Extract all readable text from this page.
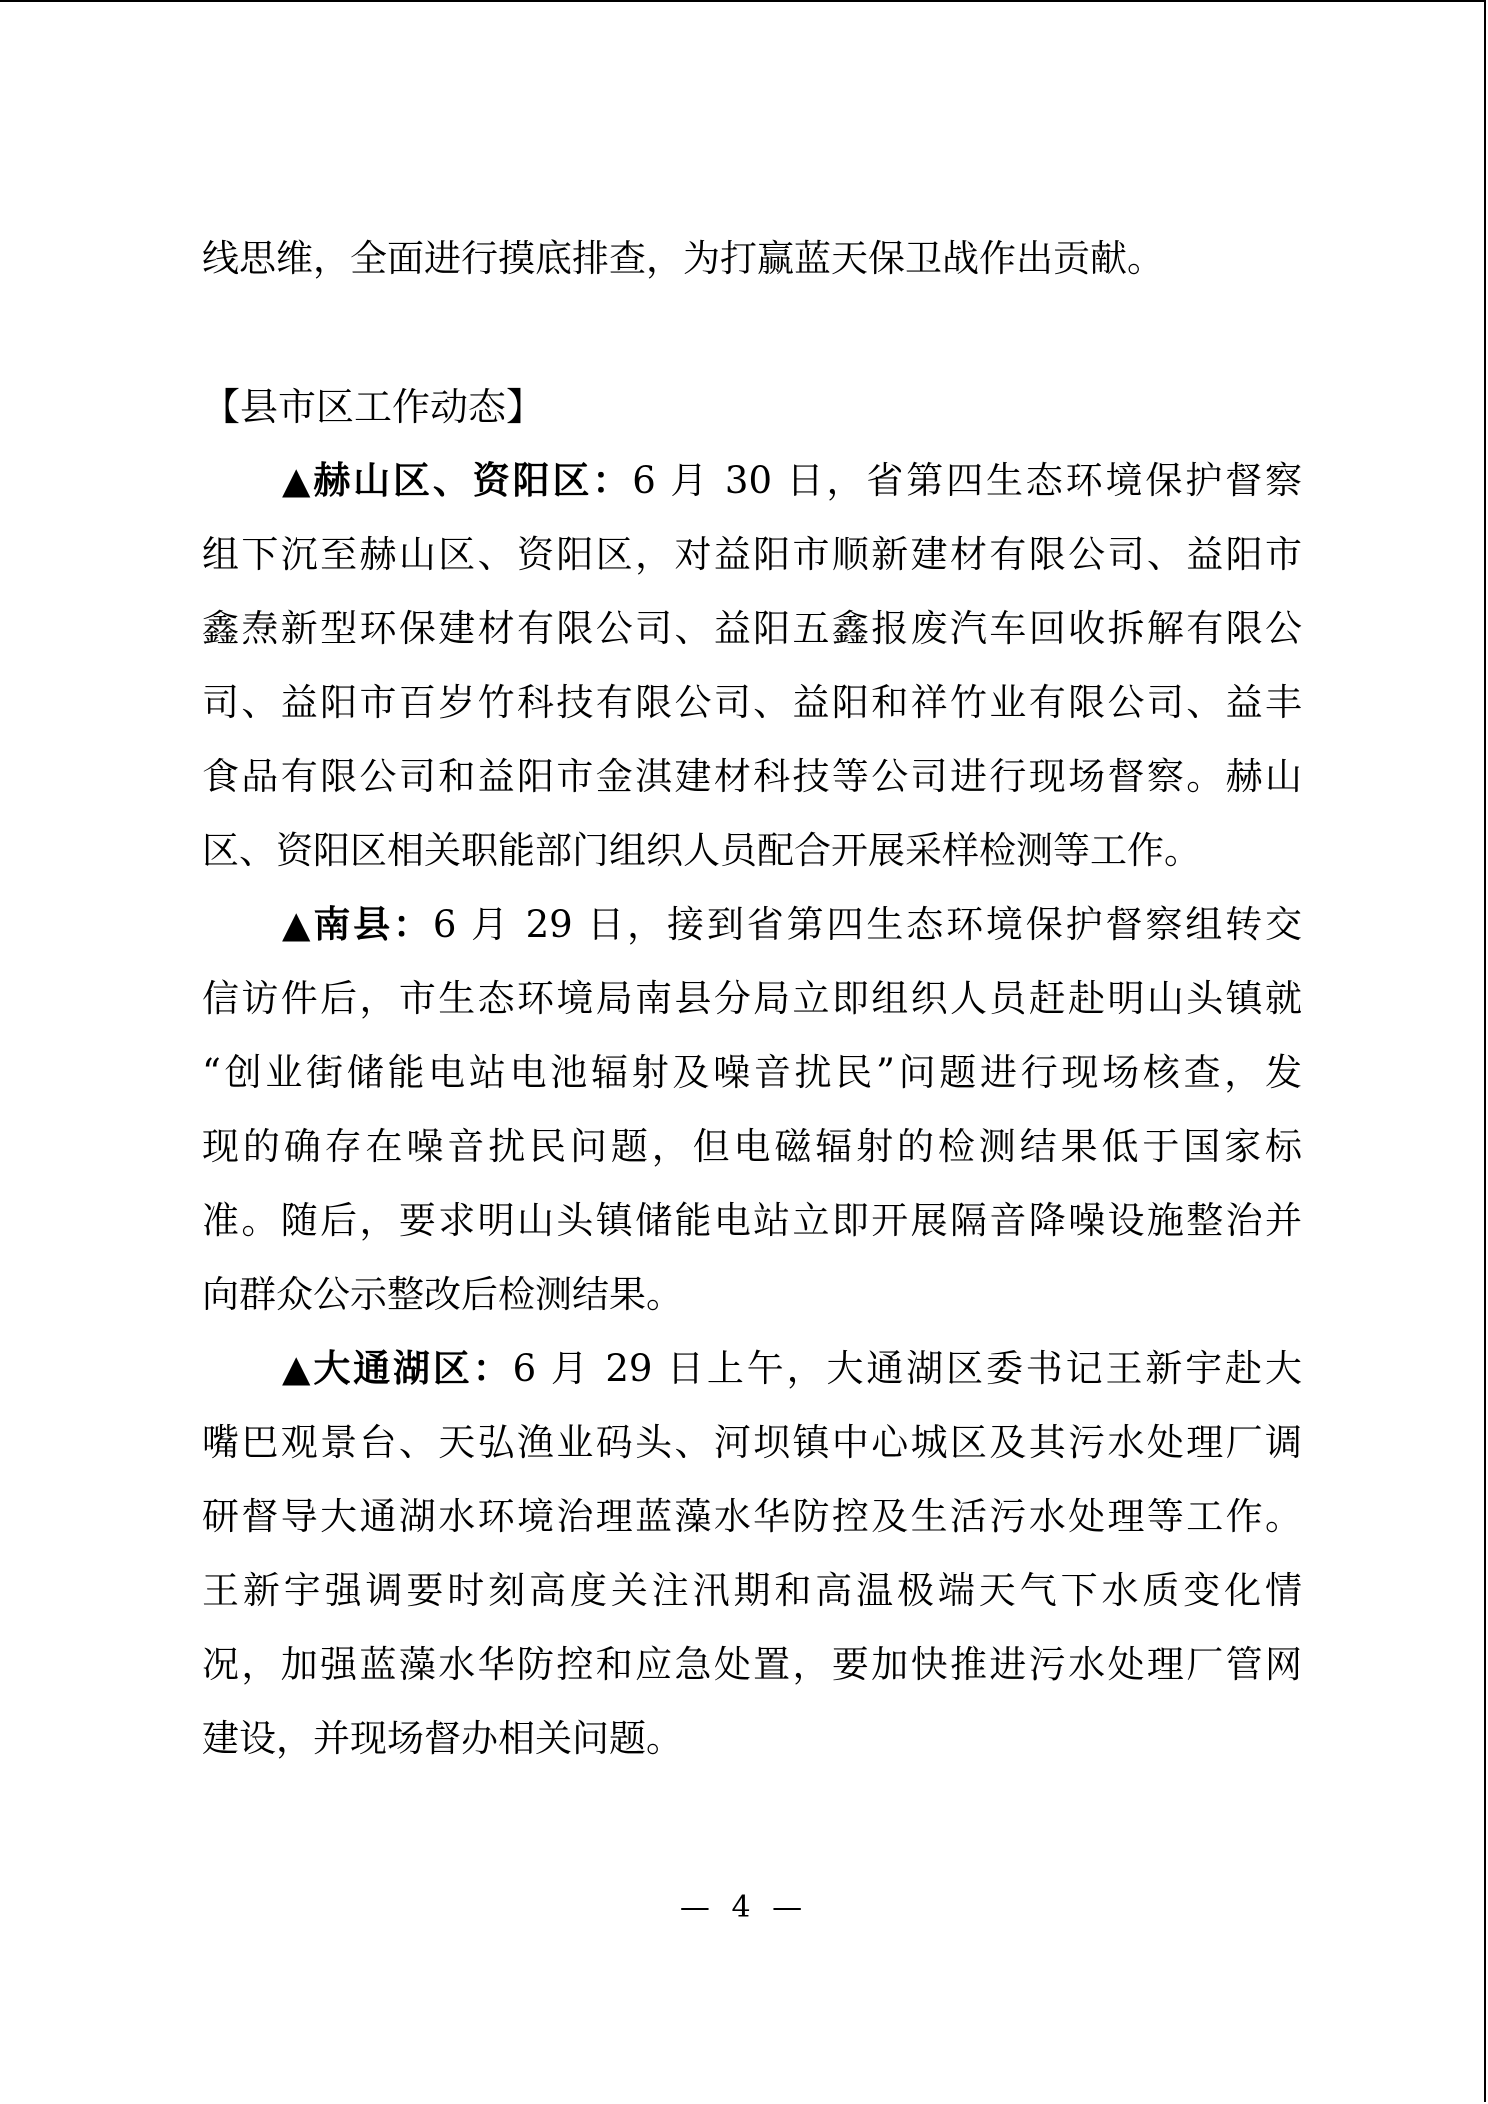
线思维，全面进行摸底排查，为打赢蓝天保卫战作出贡献。
【县市区工作动态】
▲赫山区、资阳区：6 月 30 日，省第四生态环境保护督察
组下沉至赫山区、资阳区，对益阳市顺新建材有限公司、益阳市
鑫焘新型环保建材有限公司、益阳五鑫报废汽车回收拆解有限公
司、益阳市百岁竹科技有限公司、益阳和祥竹业有限公司、益丰
食品有限公司和益阳市金淇建材科技等公司进行现场督察。赫山
区、资阳区相关职能部门组织人员配合开展采样检测等工作。
▲南县：6 月 29 日，接到省第四生态环境保护督察组转交
信访件后，市生态环境局南县分局立即组织人员赶赴明山头镇就
“创业街储能电站电池辐射及噪音扰民”问题进行现场核查，发
现的确存在噪音扰民问题，但电磁辐射的检测结果低于国家标
准。随后，要求明山头镇储能电站立即开展隔音降噪设施整治并
向群众公示整改后检测结果。
▲大通湖区：6 月 29 日上午，大通湖区委书记王新宇赴大
嘴巴观景台、天弘渔业码头、河坝镇中心城区及其污水处理厂调
研督导大通湖水环境治理蓝藻水华防控及生活污水处理等工作。
王新宇强调要时刻高度关注汛期和高温极端天气下水质变化情
况，加强蓝藻水华防控和应急处置，要加快推进污水处理厂管网
建设，并现场督办相关问题。
— 4 —
